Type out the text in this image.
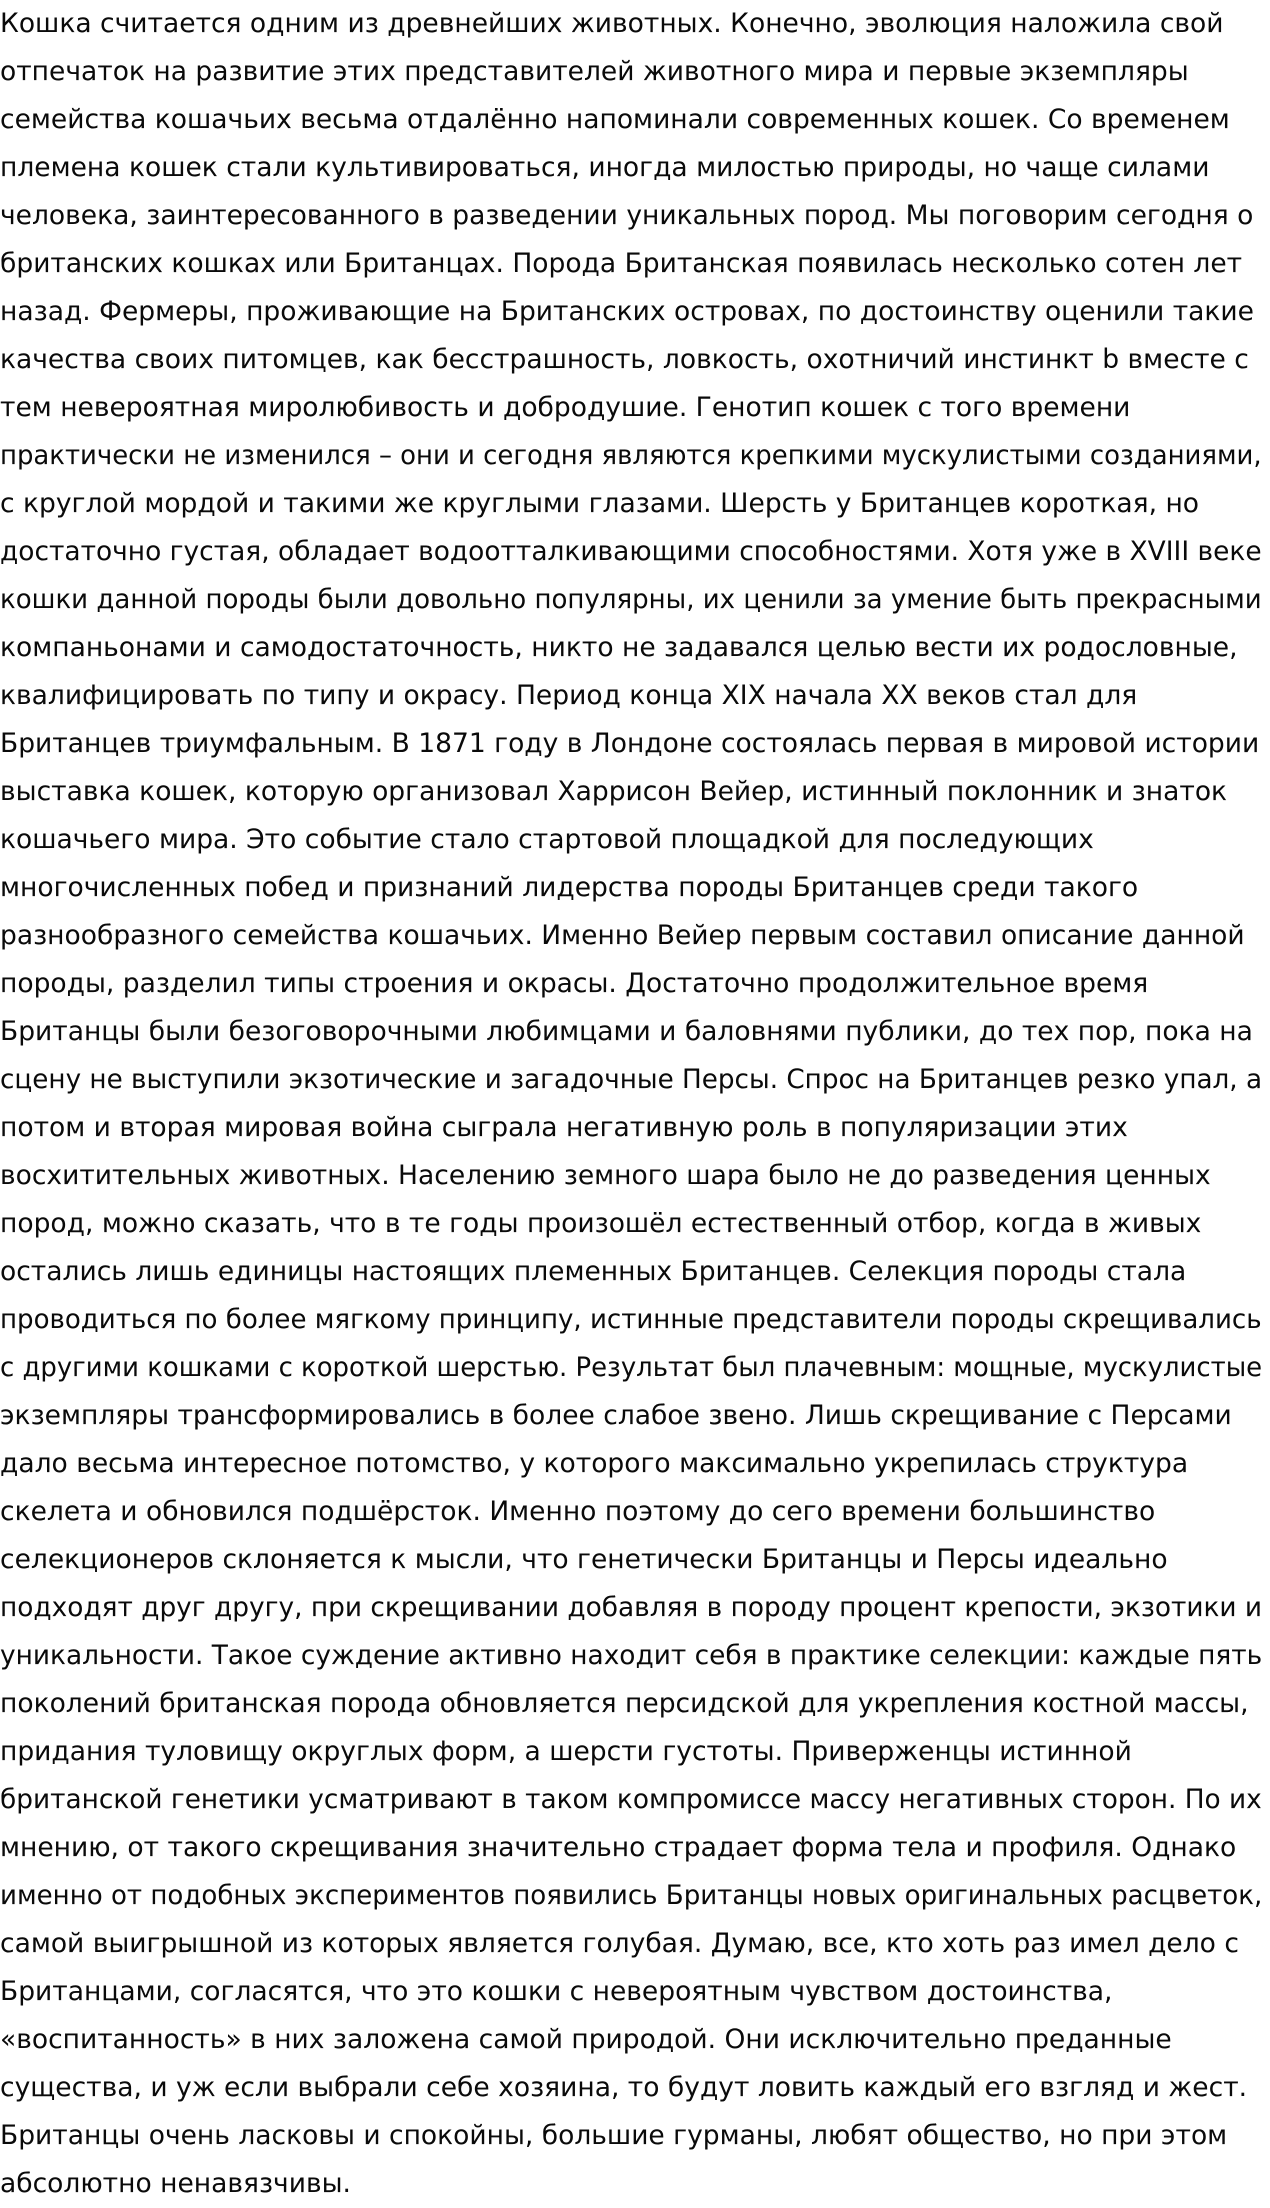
Кошка считается одним из древнейших животных. Конечно, эволюция наложила свой
отпечаток на развитие этих представителей животного мира и первые экземпляры
семейства кошачьих весьма отдалённо напоминали современных кошек. Со временем
племена кошек стали культивироваться, иногда милостью природы, но чаще силами
человека, заинтересованного в разведении уникальных пород. Мы поговорим сегодня о
британских кошках или Британцах. Порода Британская появилась несколько сотен лет
назад. Фермеры, проживающие на Британских островах, по достоинству оценили такие
качества своих питомцев, как бесстрашность, ловкость, охотничий инстинкт b вместе с
тем невероятная миролюбивость и добродушие. Генотип кошек с того времени
практически не изменился – они и сегодня являются крепкими мускулистыми созданиями,
с круглой мордой и такими же круглыми глазами. Шерсть у Британцев короткая, но
достаточно густая, обладает водоотталкивающими способностями. Хотя уже в XVIII веке
кошки данной породы были довольно популярны, их ценили за умение быть прекрасными
компаньонами и самодостаточность, никто не задавался целью вести их родословные,
квалифицировать по типу и окрасу. Период конца XIX начала XX веков стал для
Британцев триумфальным. В 1871 году в Лондоне состоялась первая в мировой истории
выставка кошек, которую организовал Харрисон Вейер, истинный поклонник и знаток
кошачьего мира. Это событие стало стартовой площадкой для последующих
многочисленных побед и признаний лидерства породы Британцев среди такого
разнообразного семейства кошачьих. Именно Вейер первым составил описание данной
породы, разделил типы строения и окрасы. Достаточно продолжительное время
Британцы были безоговорочными любимцами и баловнями публики, до тех пор, пока на
сцену не выступили экзотические и загадочные Персы. Спрос на Британцев резко упал, а
потом и вторая мировая война сыграла негативную роль в популяризации этих
восхитительных животных. Населению земного шара было не до разведения ценных
пород, можно сказать, что в те годы произошёл естественный отбор, когда в живых
остались лишь единицы настоящих племенных Британцев. Селекция породы стала
проводиться по более мягкому принципу, истинные представители породы скрещивались
с другими кошками с короткой шерстью. Результат был плачевным: мощные, мускулистые
экземпляры трансформировались в более слабое звено. Лишь скрещивание с Персами
дало весьма интересное потомство, у которого максимально укрепилась структура
скелета и обновился подшёрсток. Именно поэтому до сего времени большинство
селекционеров склоняется к мысли, что генетически Британцы и Персы идеально
подходят друг другу, при скрещивании добавляя в породу процент крепости, экзотики и
уникальности. Такое суждение активно находит себя в практике селекции: каждые пять
поколений британская порода обновляется персидской для укрепления костной массы,
придания туловищу округлых форм, а шерсти густоты. Приверженцы истинной
британской генетики усматривают в таком компромиссе массу негативных сторон. По их
мнению, от такого скрещивания значительно страдает форма тела и профиля. Однако
именно от подобных экспериментов появились Британцы новых оригинальных расцветок,
самой выигрышной из которых является голубая. Думаю, все, кто хоть раз имел дело с
Британцами, согласятся, что это кошки с невероятным чувством достоинства,
«воспитанность» в них заложена самой природой. Они исключительно преданные
существа, и уж если выбрали себе хозяина, то будут ловить каждый его взгляд и жест.
Британцы очень ласковы и спокойны, большие гурманы, любят общество, но при этом
абсолютно ненавязчивы.
